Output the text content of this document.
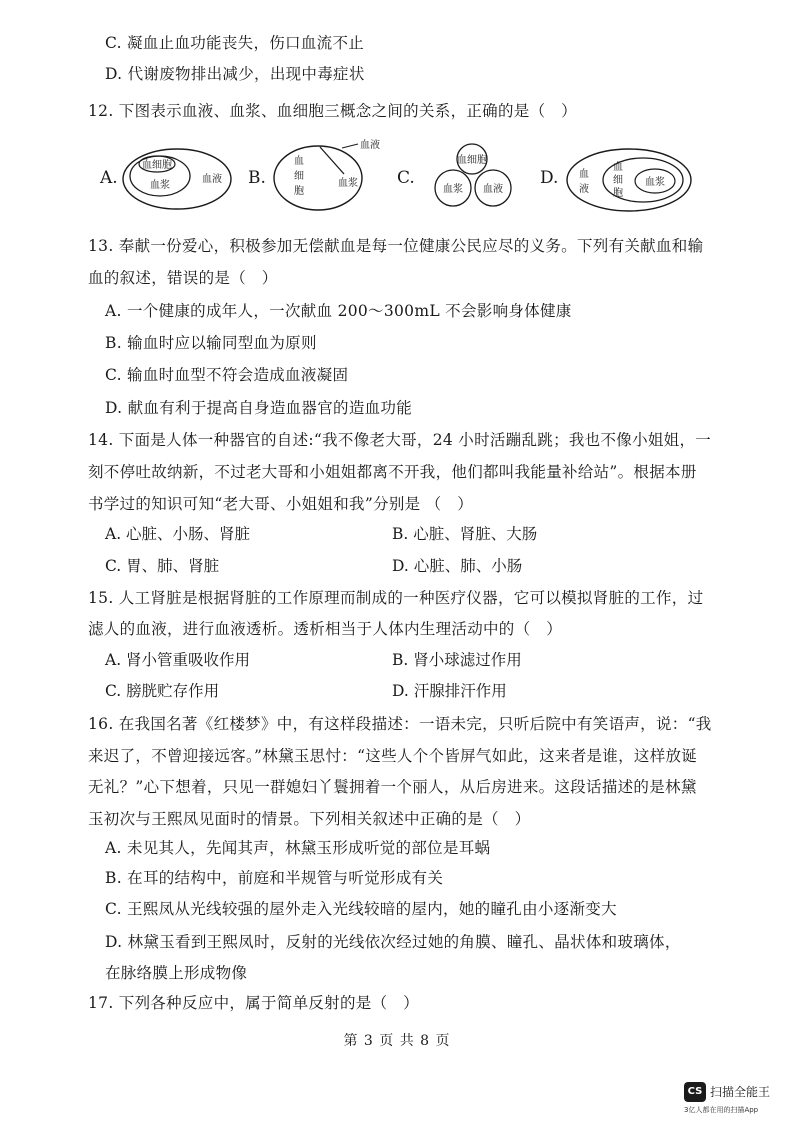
C. 凝血止血功能丧失，伤口血流不止
D. 代谢废物排出减少，出现中毒症状
12. 下图表示血液、血浆、血细胞三概念之间的关系，正确的是（　）
A.
血细胞
血浆
血液 B.
血
细
胞
血浆
血液
C.
血细胞
血浆 血液
D. 血
液
血
细
胞
血浆
13. 奉献一份爱心，积极参加无偿献血是每一位健康公民应尽的义务。下列有关献血和输
血的叙述，错误的是（　）
A. 一个健康的成年人，一次献血 200～300mL 不会影响身体健康
B. 输血时应以输同型血为原则
C. 输血时血型不符会造成血液凝固
D. 献血有利于提高自身造血器官的造血功能
14. 下面是人体一种器官的自述:“我不像老大哥，24 小时活蹦乱跳；我也不像小姐姐，一
刻不停吐故纳新，不过老大哥和小姐姐都离不开我，他们都叫我能量补给站”。根据本册
书学过的知识可知“老大哥、小姐姐和我”分别是 （　）
A. 心脏、小肠、肾脏	B. 心脏、肾脏、大肠
C. 胃、肺、肾脏	D. 心脏、肺、小肠
15. 人工肾脏是根据肾脏的工作原理而制成的一种医疗仪器，它可以模拟肾脏的工作，过
滤人的血液，进行血液透析。透析相当于人体内生理活动中的（　）
A. 肾小管重吸收作用	B. 肾小球滤过作用
C. 膀胱贮存作用	D. 汗腺排汗作用
16. 在我国名著《红楼梦》中，有这样段描述：一语未完，只听后院中有笑语声，说：“我
来迟了，不曾迎接远客。”林黛玉思忖：“这些人个个皆屏气如此，这来者是谁，这样放诞
无礼？”心下想着，只见一群媳妇丫鬟拥着一个丽人，从后房进来。这段话描述的是林黛
玉初次与王熙凤见面时的情景。下列相关叙述中正确的是（　）
A. 未见其人，先闻其声，林黛玉形成听觉的部位是耳蜗
B. 在耳的结构中，前庭和半规管与听觉形成有关
C. 王熙凤从光线较强的屋外走入光线较暗的屋内，她的瞳孔由小逐渐变大
D. 林黛玉看到王熙凤时，反射的光线依次经过她的角膜、瞳孔、晶状体和玻璃体，
在脉络膜上形成物像
17. 下列各种反应中，属于简单反射的是（　）
第 3 页 共 8 页
CS 扫描全能王
3亿人都在用的扫描App
